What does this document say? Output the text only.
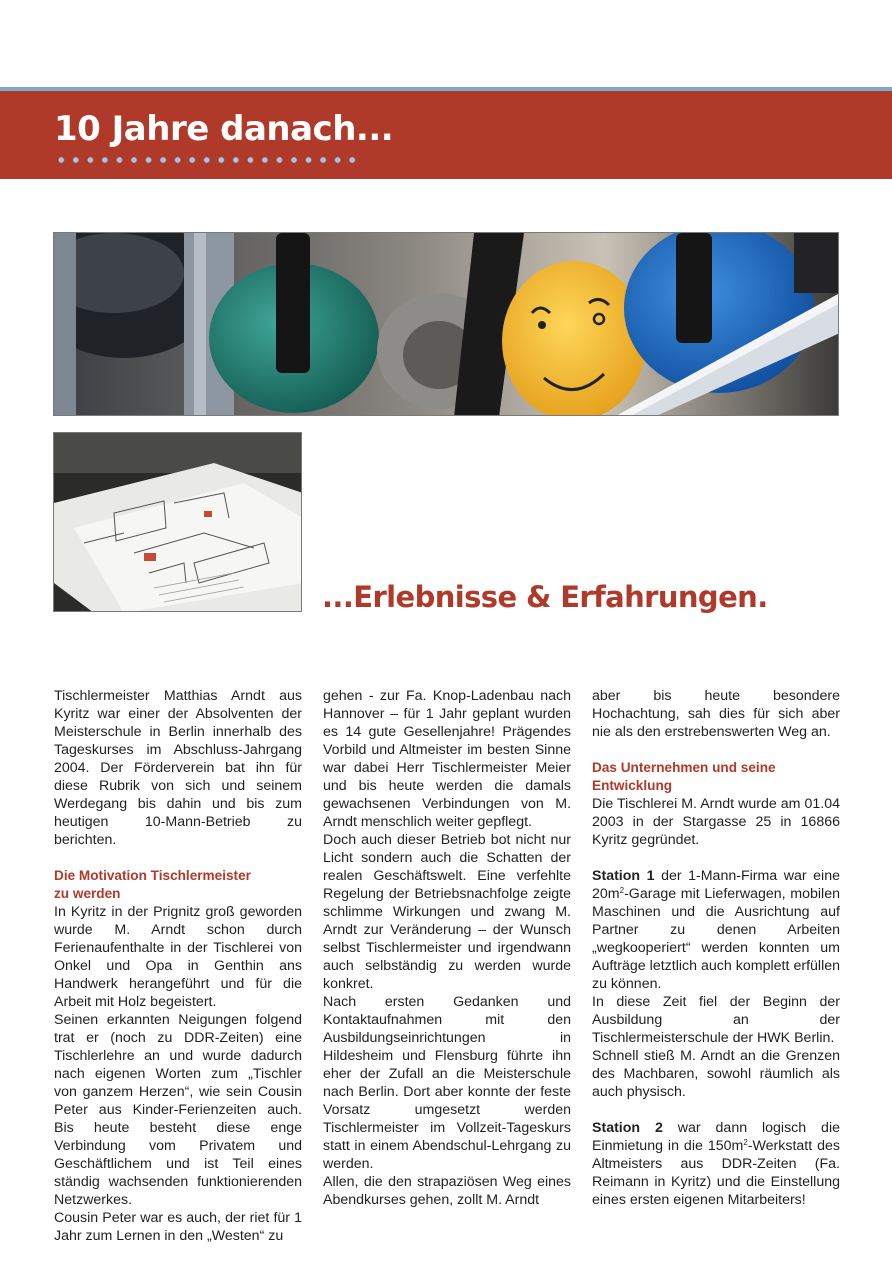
10 Jahre danach...
...Erlebnisse & Erfahrungen.

Tischlermeister Matthias Arndt aus Kyritz war einer der Absolventen der Meisterschule in Berlin innerhalb des Tageskurses im Abschluss-Jahrgang 2004. Der Förderverein bat ihn für diese Rubrik von sich und seinem Werdegang bis dahin und bis zum heutigen 10-Mann-Betrieb zu berichten.

Die Motivation Tischlermeister
zu werden

In Kyritz in der Prignitz groß geworden wurde M. Arndt schon durch Ferienaufenthalte in der Tischlerei von Onkel und Opa in Genthin ans Handwerk herangeführt und für die Arbeit mit Holz begeistert.

Seinen erkannten Neigungen folgend trat er (noch zu DDR-Zeiten) eine Tischlerlehre an und wurde dadurch nach eigenen Worten zum „Tischler von ganzem Herzen“, wie sein Cousin Peter aus Kinder-Ferienzeiten auch. Bis heute besteht diese enge Verbindung vom Privatem und Geschäftlichem und ist Teil eines ständig wachsenden funktionierenden Netzwerkes.

Cousin Peter war es auch, der riet für 1 Jahr zum Lernen in den „Westen“ zu

gehen - zur Fa. Knop-Ladenbau nach Hannover – für 1 Jahr geplant wurden es 14 gute Gesellenjahre! Prägendes Vorbild und Altmeister im besten Sinne war dabei Herr Tischlermeister Meier und bis heute werden die damals gewachsenen Verbindungen von M. Arndt menschlich weiter gepflegt.

Doch auch dieser Betrieb bot nicht nur Licht sondern auch die Schatten der realen Geschäftswelt. Eine verfehlte Regelung der Betriebsnachfolge zeigte schlimme Wirkungen und zwang M. Arndt zur Veränderung – der Wunsch selbst Tischlermeister und irgendwann auch selbständig zu werden wurde konkret.

Nach ersten Gedanken und Kontaktaufnahmen mit den Ausbildungseinrichtungen in Hildesheim und Flensburg führte ihn eher der Zufall an die Meisterschule nach Berlin. Dort aber konnte der feste Vorsatz umgesetzt werden Tischlermeister im Vollzeit-Tageskurs statt in einem Abendschul-Lehrgang zu werden.

Allen, die den strapaziösen Weg eines Abendkurses gehen, zollt M. Arndt

aber bis heute besondere Hochachtung, sah dies für sich aber nie als den erstrebenswerten Weg an.

Das Unternehmen und seine
Entwicklung

Die Tischlerei M. Arndt wurde am 01.04 2003 in der Stargasse 25 in 16866 Kyritz gegründet.

Station 1 der 1-Mann-Firma war eine $20m^2$-Garage mit Lieferwagen, mobilen Maschinen und die Ausrichtung auf Partner zu denen Arbeiten „wegkooperiert“ werden konnten um Aufträge letztlich auch komplett erfüllen zu können.

In diese Zeit fiel der Beginn der Ausbildung an der Tischlermeisterschule der HWK Berlin.

Schnell stieß M. Arndt an die Grenzen des Machbaren, sowohl räumlich als auch physisch.

Station 2 war dann logisch die Einmietung in die $150m^2$-Werkstatt des Altmeisters aus DDR-Zeiten (Fa. Reimann in Kyritz) und die Einstellung eines ersten eigenen Mitarbeiters!
